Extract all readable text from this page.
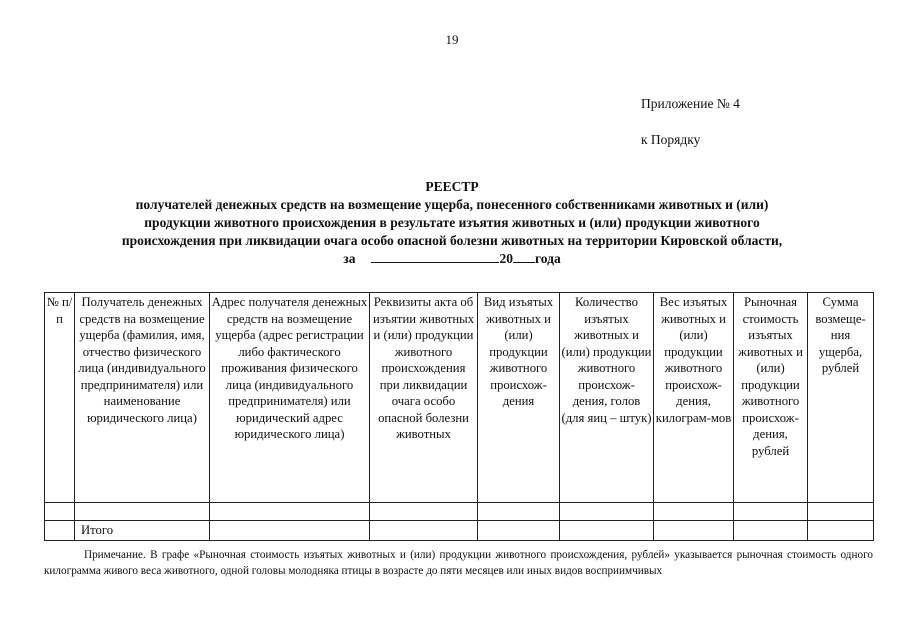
19
Приложение № 4
к Порядку
РЕЕСТР
получателей денежных средств на возмещение ущерба, понесенного собственниками животных и (или)
продукции животного происхождения в результате изъятия животных и (или) продукции животного
происхождения при ликвидации очага особо опасной болезни животных на территории Кировской области,
за	20 года
№ п/п	Получатель денежных средств на возмещение ущерба (фамилия, имя, отчество физического лица (индивидуального предпринимателя) или наименование юридического лица)	Адрес получателя денежных средств на возмещение ущерба (адрес регистрации либо фактического проживания физического лица (индивидуального предпринимателя) или юридический адрес юридического лица)	Реквизиты акта об изъятии животных и (или) продукции животного происхождения при ликвидации очага особо опасной болезни животных	Вид изъятых животных и (или) продукции животного происхож-дения	Количество изъятых животных и (или) продукции животного происхож-дения, голов (для яиц – штук)	Вес изъятых животных и (или) продукции животного происхож-дения, килограм-мов	Рыночная стоимость изъятых животных и (или) продукции животного происхож-дения, рублей	Сумма возмеще-ния ущерба, рублей

	Итого							
Примечание. В графе «Рыночная стоимость изъятых животных и (или) продукции животного происхождения, рублей» указывается рыночная стоимость одного килограмма живого веса животного, одной головы молодняка птицы в возрасте до пяти месяцев или иных видов восприимчивых
